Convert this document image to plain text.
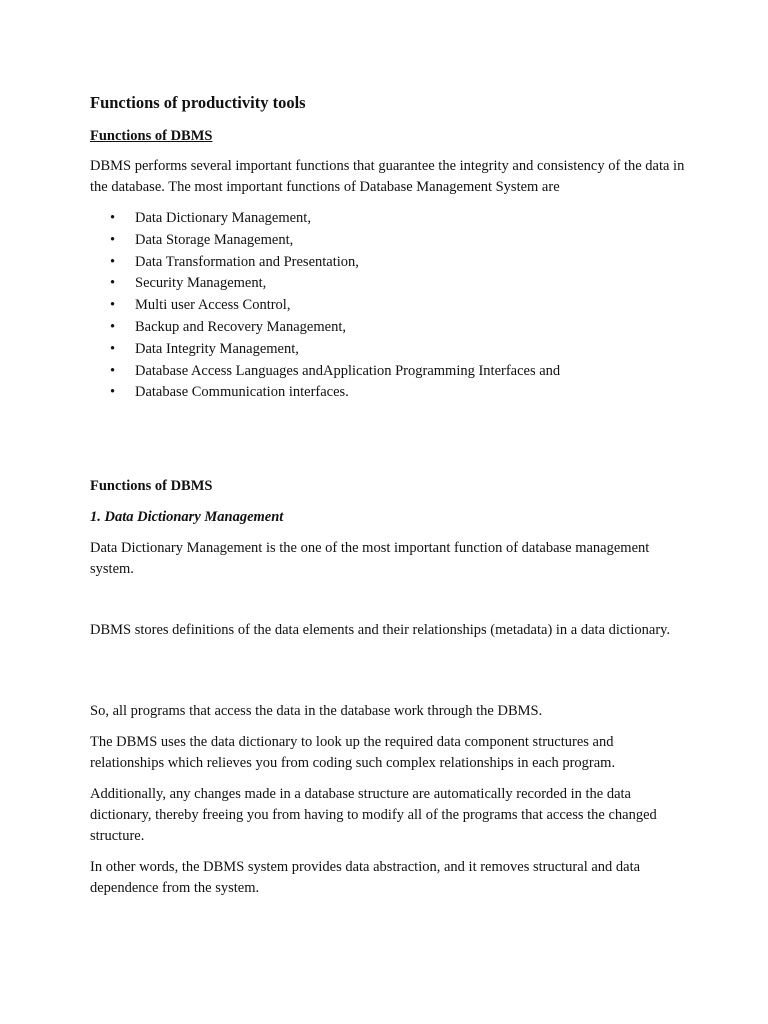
Functions of productivity tools
Functions of DBMS

DBMS performs several important functions that guarantee the integrity and consistency of the data in the database. The most important functions of Database Management System are

• Data Dictionary Management,
• Data Storage Management,
• Data Transformation and Presentation,
• Security Management,
• Multi user Access Control,
• Backup and Recovery Management,
• Data Integrity Management,
• Database Access Languages andApplication Programming Interfaces and
• Database Communication interfaces.
Functions of DBMS
1. Data Dictionary Management

Data Dictionary Management is the one of the most important function of database management system.

DBMS stores definitions of the data elements and their relationships (metadata) in a data dictionary.

So, all programs that access the data in the database work through the DBMS.

The DBMS uses the data dictionary to look up the required data component structures and relationships which relieves you from coding such complex relationships in each program.

Additionally, any changes made in a database structure are automatically recorded in the data dictionary, thereby freeing you from having to modify all of the programs that access the changed structure.

In other words, the DBMS system provides data abstraction, and it removes structural and data dependence from the system.
